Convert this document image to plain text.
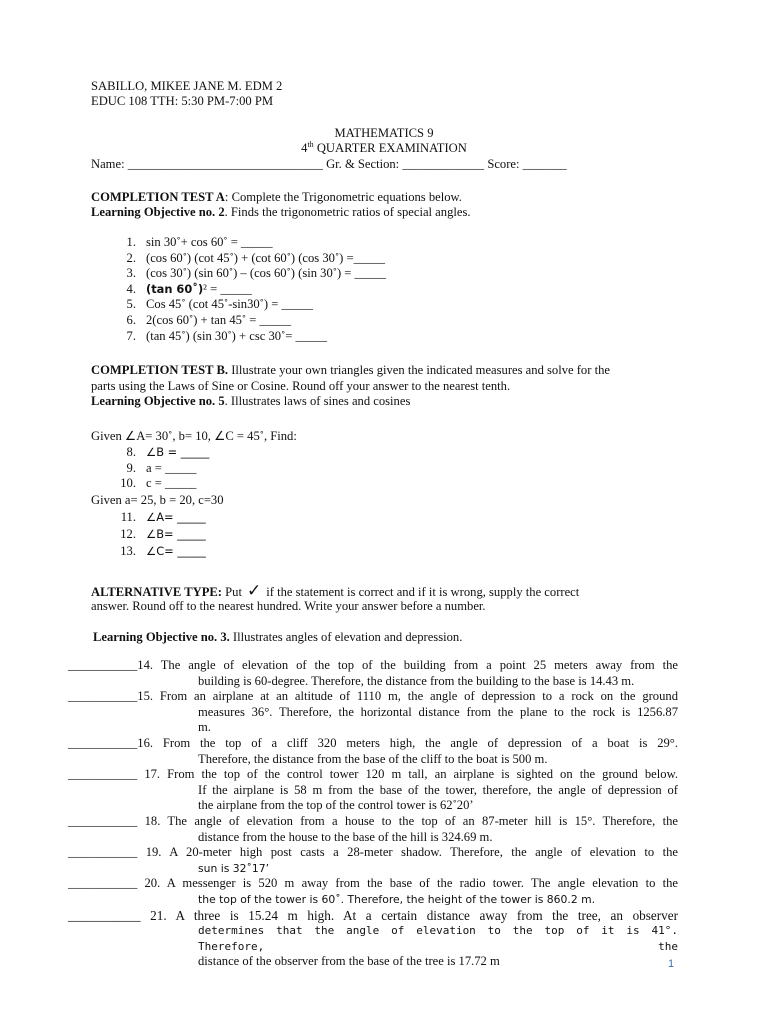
SABILLO, MIKEE JANE M. EDM 2
EDUC 108 TTH: 5:30 PM-7:00 PM
MATHEMATICS 9
4th QUARTER EXAMINATION
Name: _______________________________ Gr. & Section: _____________ Score: _______
COMPLETION TEST A: Complete the Trigonometric equations below.
Learning Objective no. 2. Finds the trigonometric ratios of special angles.
1. sin 30˚+ cos 60˚ = _____
2. (cos 60˚) (cot 45˚) + (cot 60˚) (cos 30˚) =_____
3. (cos 30˚) (sin 60˚) – (cos 60˚) (sin 30˚) = _____
4. (tan 60˚)² = _____
5. Cos 45˚ (cot 45˚-sin30˚) = _____
6. 2(cos 60˚) + tan 45˚ = _____
7. (tan 45˚) (sin 30˚) + csc 30˚= _____
COMPLETION TEST B. Illustrate your own triangles given the indicated measures and solve for the
parts using the Laws of Sine or Cosine. Round off your answer to the nearest tenth.
Learning Objective no. 5. Illustrates laws of sines and cosines
Given ∠A= 30˚, b= 10, ∠C = 45˚, Find:
8. ∠B = _____
9. a = _____
10. c = _____
Given a= 25, b = 20, c=30
11. ∠A= _____
12. ∠B= _____
13. ∠C= _____
ALTERNATIVE TYPE: Put ✓ if the statement is correct and if it is wrong, supply the correct
answer. Round off to the nearest hundred. Write your answer before a number.
Learning Objective no. 3. Illustrates angles of elevation and depression.
___________14. The angle of elevation of the top of the building from a point 25 meters away from the
building is 60-degree. Therefore, the distance from the building to the base is 14.43 m.
___________15. From an airplane at an altitude of 1110 m, the angle of depression to a rock on the ground
measures 36°. Therefore, the horizontal distance from the plane to the rock is 1256.87
m.
___________16. From the top of a cliff 320 meters high, the angle of depression of a boat is 29°.
Therefore, the distance from the base of the cliff to the boat is 500 m.
___________ 17. From the top of the control tower 120 m tall, an airplane is sighted on the ground below.
If the airplane is 58 m from the base of the tower, therefore, the angle of depression of
the airplane from the top of the control tower is 62˚20’
___________ 18. The angle of elevation from a house to the top of an 87-meter hill is 15°. Therefore, the
distance from the house to the base of the hill is 324.69 m.
___________ 19. A 20-meter high post casts a 28-meter shadow. Therefore, the angle of elevation to the
sun is 32˚17’
___________ 20. A messenger is 520 m away from the base of the radio tower. The angle elevation to the
the top of the tower is 60˚. Therefore, the height of the tower is 860.2 m.
___________ 21. A three is 15.24 m high. At a certain distance away from the tree, an observer
determines that the angle of elevation to the top of it is 41°. Therefore, the
distance of the observer from the base of the tree is 17.72 m	1
